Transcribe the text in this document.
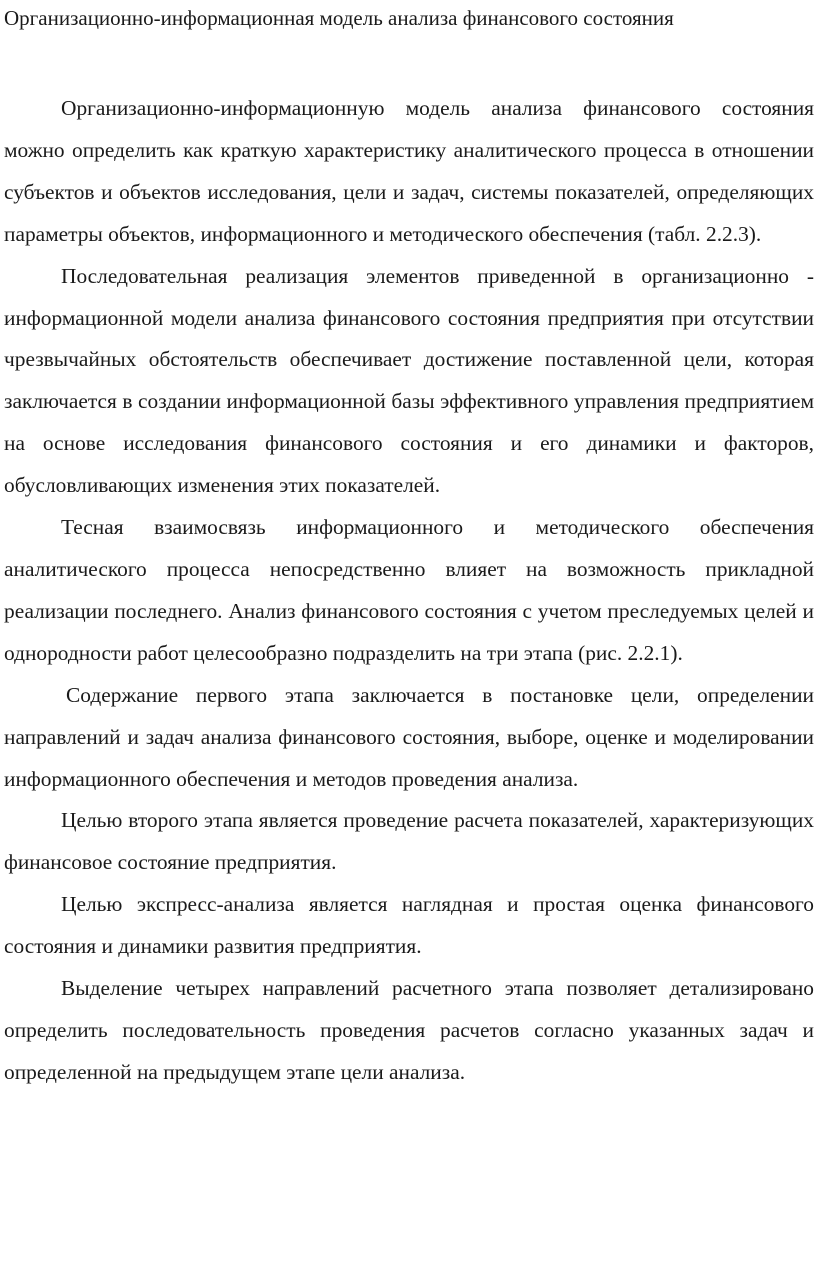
Организационно-информационная модель анализа финансового состояния

Организационно-информационную модель анализа финансового состояния можно определить как краткую характеристику аналитического процесса в отношении субъектов и объектов исследования, цели и задач, системы показателей, определяющих параметры объектов, информационного и методического обеспечения (табл. 2.2.3).

Последовательная реализация элементов приведенной в организационно - информационной модели анализа финансового состояния предприятия при отсутствии чрезвычайных обстоятельств обеспечивает достижение поставленной цели, которая заключается в создании информационной базы эффективного управления предприятием на основе исследования финансового состояния и его динамики и факторов, обусловливающих изменения этих показателей.

Тесная взаимосвязь информационного и методического обеспечения аналитического процесса непосредственно влияет на возможность прикладной реализации последнего. Анализ финансового состояния с учетом преследуемых целей и однородности работ целесообразно подразделить на три этапа (рис. 2.2.1).

Содержание первого этапа заключается в постановке цели, определении направлений и задач анализа финансового состояния, выборе, оценке и моделировании информационного обеспечения и методов проведения анализа.

Целью второго этапа является проведение расчета показателей, характеризующих финансовое состояние предприятия.

Целью экспресс-анализа является наглядная и простая оценка финансового состояния и динамики развития предприятия.

Выделение четырех направлений расчетного этапа позволяет детализировано определить последовательность проведения расчетов согласно указанных задач и определенной на предыдущем этапе цели анализа.
